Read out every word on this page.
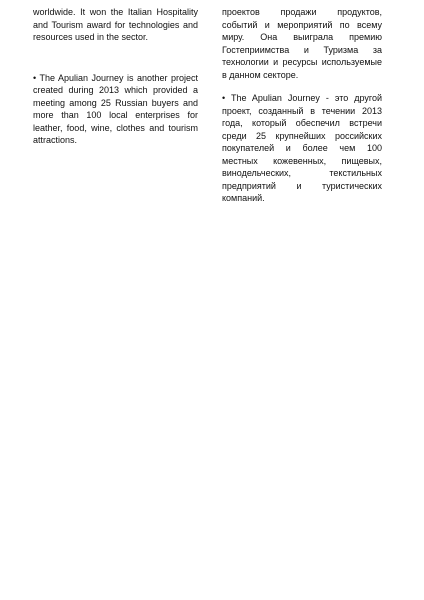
worldwide. It won the Italian Hospitality and Tourism award for technologies and resources used in the sector.

• The Apulian Journey is another project created during 2013 which provided a meeting among 25 Russian buyers and more than 100 local enterprises for leather, food, wine, clothes and tourism attractions.

проектов продажи продуктов, событий и мероприятий по всему миру. Она выиграла премию Гостеприимства и Туризма за технологии и ресурсы используемые в данном секторе.

• The Apulian Journey - это другой проект, созданный в течении 2013 года, который обеспечил встречи среди 25 крупнейших российских покупателей и более чем 100 местных кожевенных, пищевых, винодельческих, текстильных предприятий и туристических компаний.
